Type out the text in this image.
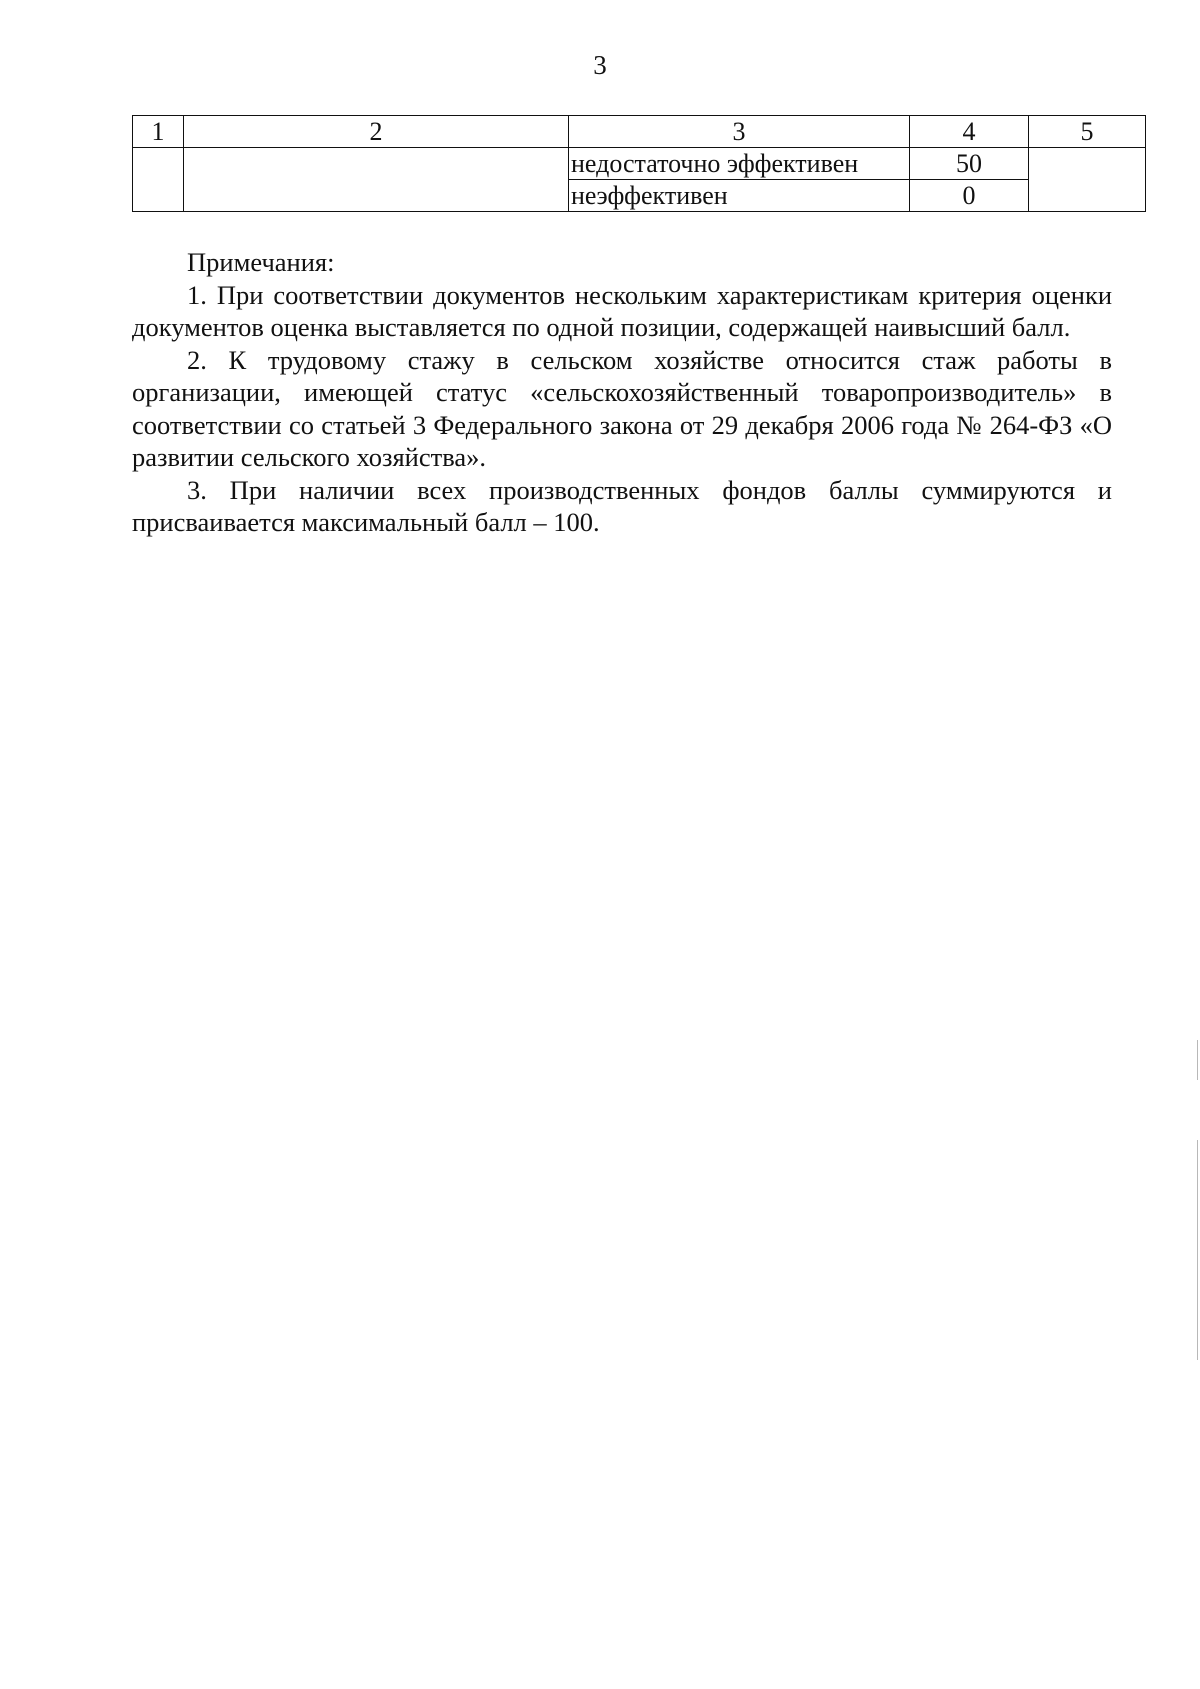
3
1	2	3	4	5
		недостаточно эффективен	50	
		неэффективен	0	

Примечания:

1. При соответствии документов нескольким характеристикам критерия оценки документов оценка выставляется по одной позиции, содержащей наивысший балл.

2. К трудовому стажу в сельском хозяйстве относится стаж работы в организации, имеющей статус «сельскохозяйственный товаропроизводитель» в соответствии со статьей 3 Федерального закона от 29 декабря 2006 года № 264-ФЗ «О развитии сельского хозяйства».

3. При наличии всех производственных фондов баллы суммируются и присваивается максимальный балл – 100.
